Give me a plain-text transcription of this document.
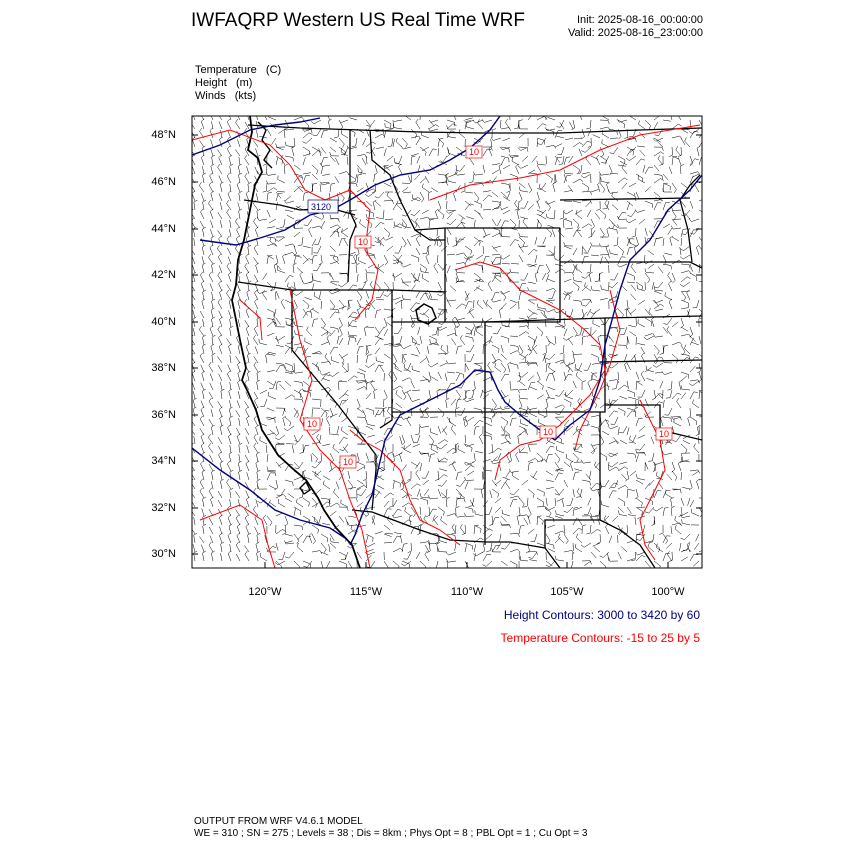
IWFAQRP Western US Real Time WRF	Init: 2025-08-16_00:00:00
Valid: 2025-08-16_23:00:00
Temperature   (C)
Height   (m)
Winds   (kts)
3120
10
10
10
10
10
10
48°N
46°N
44°N
42°N
40°N
38°N
36°N
34°N
32°N
30°N
120°W	115°W	110°W	105°W	100°W
Height Contours: 3000 to 3420 by 60
Temperature Contours: -15 to 25 by 5
OUTPUT FROM WRF V4.6.1 MODEL
WE = 310 ; SN = 275 ; Levels = 38 ; Dis = 8km ; Phys Opt = 8 ; PBL Opt = 1 ; Cu Opt = 3
